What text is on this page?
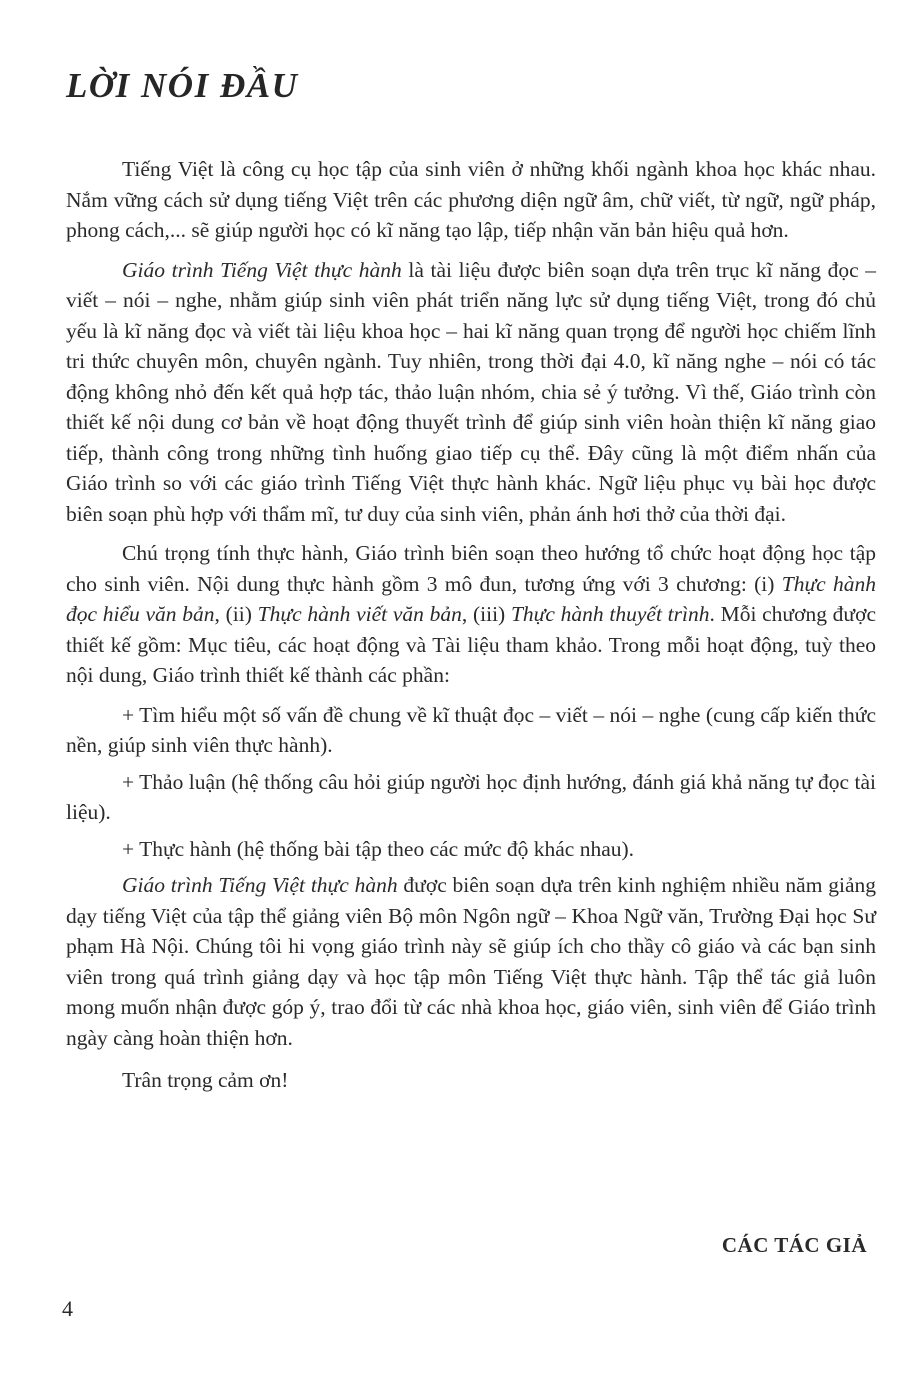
LỜI NÓI ĐẦU

Tiếng Việt là công cụ học tập của sinh viên ở những khối ngành khoa học khác nhau. Nắm vững cách sử dụng tiếng Việt trên các phương diện ngữ âm, chữ viết, từ ngữ, ngữ pháp, phong cách,... sẽ giúp người học có kĩ năng tạo lập, tiếp nhận văn bản hiệu quả hơn.

Giáo trình Tiếng Việt thực hành là tài liệu được biên soạn dựa trên trục kĩ năng đọc – viết – nói – nghe, nhằm giúp sinh viên phát triển năng lực sử dụng tiếng Việt, trong đó chủ yếu là kĩ năng đọc và viết tài liệu khoa học – hai kĩ năng quan trọng để người học chiếm lĩnh tri thức chuyên môn, chuyên ngành. Tuy nhiên, trong thời đại 4.0, kĩ năng nghe – nói có tác động không nhỏ đến kết quả hợp tác, thảo luận nhóm, chia sẻ ý tưởng. Vì thế, Giáo trình còn thiết kế nội dung cơ bản về hoạt động thuyết trình để giúp sinh viên hoàn thiện kĩ năng giao tiếp, thành công trong những tình huống giao tiếp cụ thể. Đây cũng là một điểm nhấn của Giáo trình so với các giáo trình Tiếng Việt thực hành khác. Ngữ liệu phục vụ bài học được biên soạn phù hợp với thẩm mĩ, tư duy của sinh viên, phản ánh hơi thở của thời đại.

Chú trọng tính thực hành, Giáo trình biên soạn theo hướng tổ chức hoạt động học tập cho sinh viên. Nội dung thực hành gồm 3 mô đun, tương ứng với 3 chương: (i) Thực hành đọc hiểu văn bản, (ii) Thực hành viết văn bản, (iii) Thực hành thuyết trình. Mỗi chương được thiết kế gồm: Mục tiêu, các hoạt động và Tài liệu tham khảo. Trong mỗi hoạt động, tuỳ theo nội dung, Giáo trình thiết kế thành các phần:

+ Tìm hiểu một số vấn đề chung về kĩ thuật đọc – viết – nói – nghe (cung cấp kiến thức nền, giúp sinh viên thực hành).

+ Thảo luận (hệ thống câu hỏi giúp người học định hướng, đánh giá khả năng tự đọc tài liệu).

+ Thực hành (hệ thống bài tập theo các mức độ khác nhau).

Giáo trình Tiếng Việt thực hành được biên soạn dựa trên kinh nghiệm nhiều năm giảng dạy tiếng Việt của tập thể giảng viên Bộ môn Ngôn ngữ – Khoa Ngữ văn, Trường Đại học Sư phạm Hà Nội. Chúng tôi hi vọng giáo trình này sẽ giúp ích cho thầy cô giáo và các bạn sinh viên trong quá trình giảng dạy và học tập môn Tiếng Việt thực hành. Tập thể tác giả luôn mong muốn nhận được góp ý, trao đổi từ các nhà khoa học, giáo viên, sinh viên để Giáo trình ngày càng hoàn thiện hơn.

Trân trọng cảm ơn!

CÁC TÁC GIẢ
4
